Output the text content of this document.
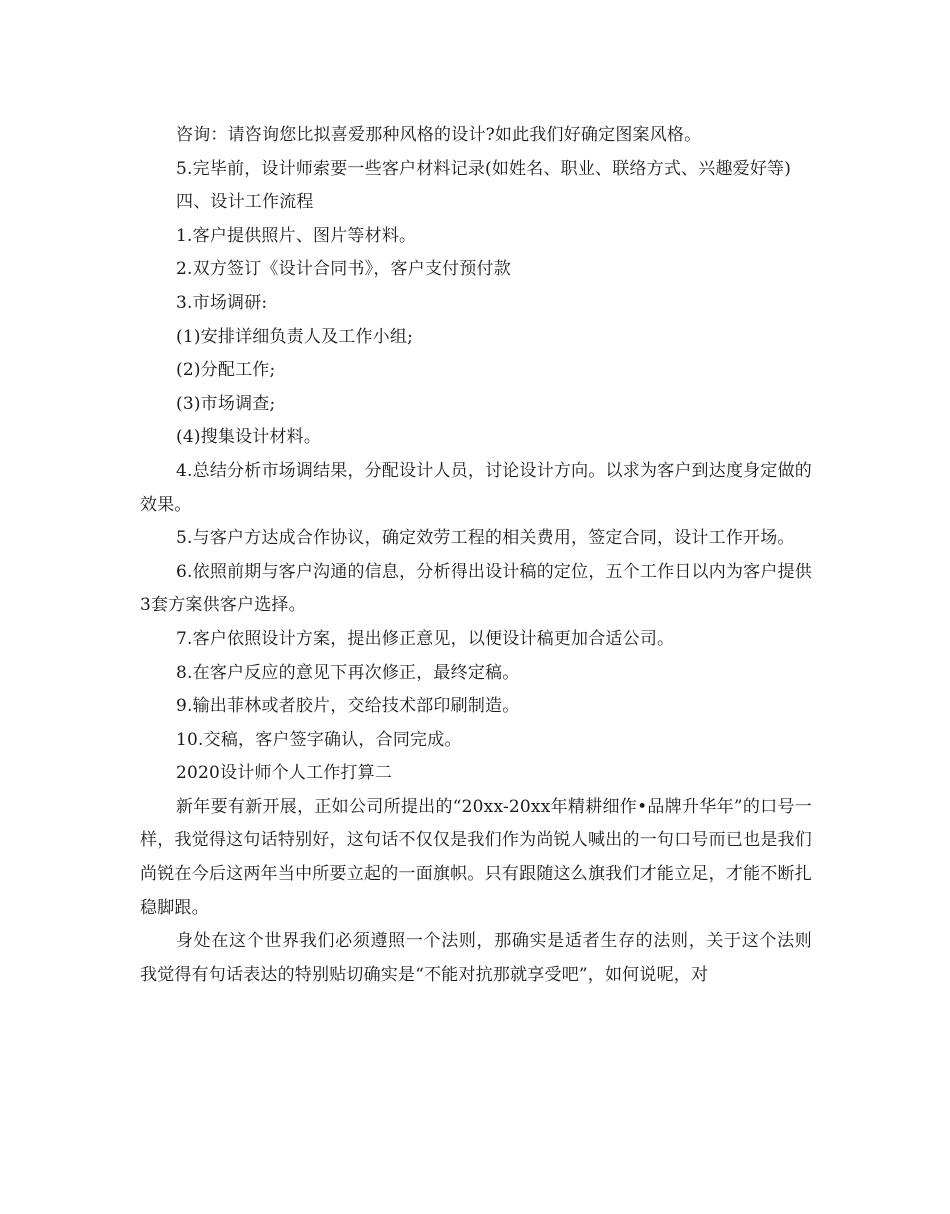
咨询：请咨询您比拟喜爱那种风格的设计?如此我们好确定图案风格。

5.完毕前，设计师索要一些客户材料记录(如姓名、职业、联络方式、兴趣爱好等)

四、设计工作流程

1.客户提供照片、图片等材料。

2.双方签订《设计合同书》，客户支付预付款

3.市场调研:

(1)安排详细负责人及工作小组;

(2)分配工作;

(3)市场调查;

(4)搜集设计材料。

4.总结分析市场调结果，分配设计人员，讨论设计方向。以求为客户到达度身定做的效果。

5.与客户方达成合作协议，确定效劳工程的相关费用，签定合同，设计工作开场。

6.依照前期与客户沟通的信息，分析得出设计稿的定位，五个工作日以内为客户提供3套方案供客户选择。

7.客户依照设计方案，提出修正意见，以便设计稿更加合适公司。

8.在客户反应的意见下再次修正，最终定稿。

9.输出菲林或者胶片，交给技术部印刷制造。

10.交稿，客户签字确认，合同完成。

2020设计师个人工作打算二

新年要有新开展，正如公司所提出的“20xx-20xx年精耕细作•品牌升华年”的口号一样，我觉得这句话特别好，这句话不仅仅是我们作为尚锐人喊出的一句口号而已也是我们尚锐在今后这两年当中所要立起的一面旗帜。只有跟随这么旗我们才能立足，才能不断扎稳脚跟。

身处在这个世界我们必须遵照一个法则，那确实是适者生存的法则，关于这个法则我觉得有句话表达的特别贴切确实是“不能对抗那就享受吧”，如何说呢，对
